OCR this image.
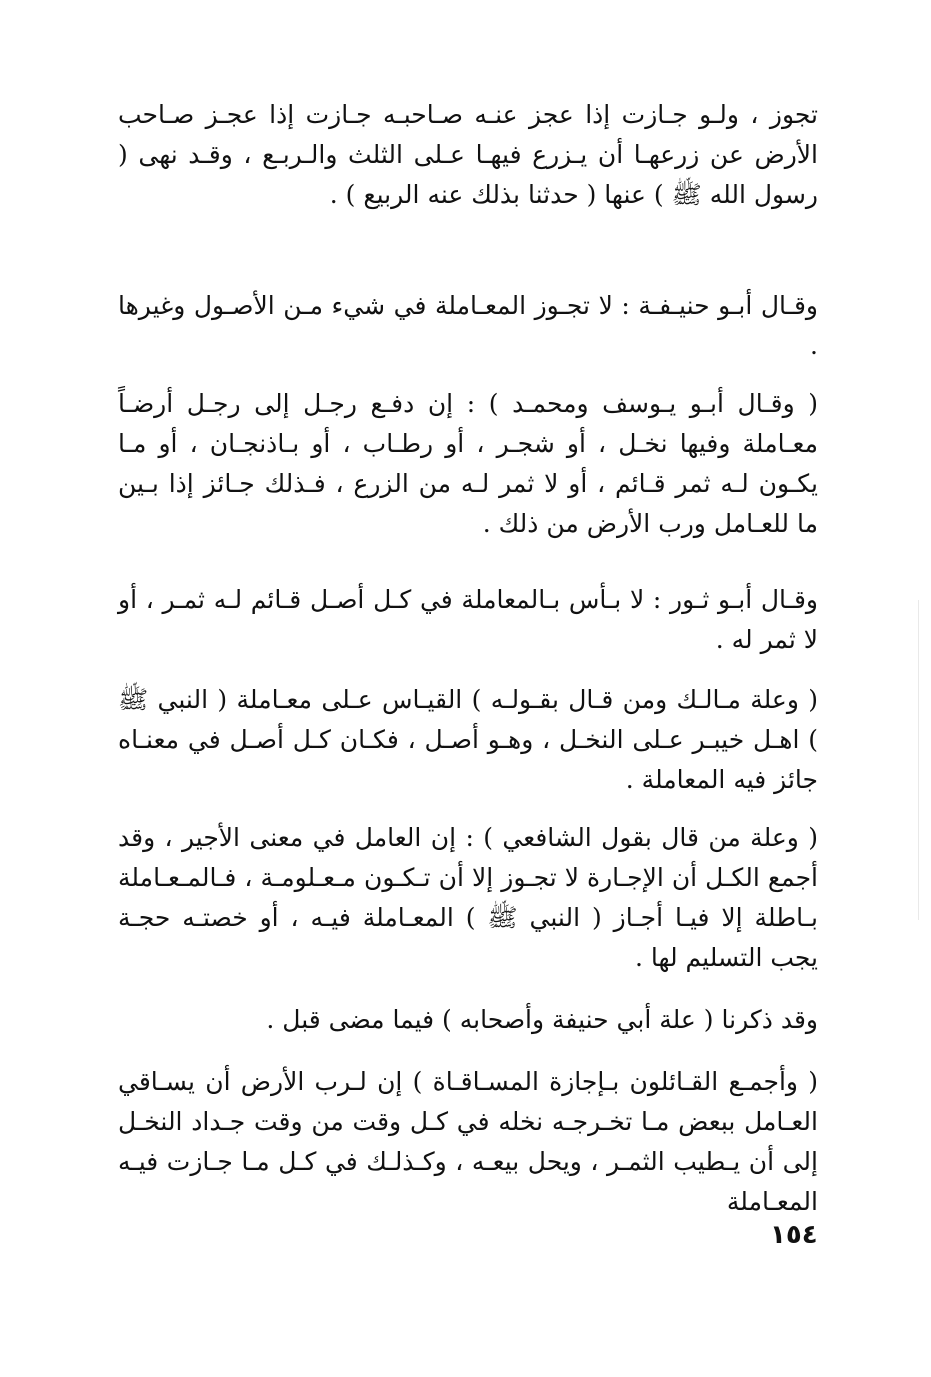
تجوز ، ولـو جـازت إذا عجز عنـه صـاحبـه جـازت إذا عجـز صـاحب الأرض عن زرعهـا أن يـزرع فيهـا عـلى الثلث والـربـع ، وقـد نهى ( رسول الله ﷺ ) عنها ( حدثنا بذلك عنه الربيع ) .

وقـال أبـو حنيـفـة : لا تجـوز المعـاملة في شيء مـن الأصـول وغيرها .

( وقـال أبـو يـوسف ومحمـد ) : إن دفـع رجـل إلى رجـل أرضـاً معـاملة وفيها نخـل ، أو شجـر ، أو رطـاب ، أو بـاذنجـان ، أو مـا يكـون لـه ثمر قـائم ، أو لا ثمر لـه من الزرع ، فـذلك جـائز إذا بـين ما للعـامل ورب الأرض من ذلك .

وقـال أبـو ثـور : لا بـأس بـالمعاملة في كـل أصـل قـائم لـه ثمـر ، أو لا ثمر له .

( وعلة مـالـك ومن قـال بقـولـه ) القيـاس عـلى معـاملة ( النبي ﷺ ) اهـل خيبـر عـلى النخـل ، وهـو أصـل ، فكـان كـل أصـل في معنـاه جائز فيه المعاملة .

( وعلة من قال بقول الشافعي ) : إن العامل في معنى الأجير ، وقد أجمع الكـل أن الإجـارة لا تجـوز إلا أن تـكـون مـعـلومـة ، فـالمـعـاملة بـاطلة إلا فيـا أجـاز ( النبي ﷺ ) المعـاملة فيـه ، أو خصتـه حجـة يجب التسليم لها .

وقد ذكرنا ( علة أبي حنيفة وأصحابه ) فيما مضى قبل .

( وأجمـع القـائلون بـإجازة المسـاقـاة ) إن لـرب الأرض أن يسـاقي العـامل ببعض مـا تخـرجـه نخله في كـل وقت من وقت جـداد النخـل إلى أن يـطيب الثمـر ، ويحل بيعـه ، وكـذلـك في كـل مـا جـازت فيـه المعـاملة

١٥٤
